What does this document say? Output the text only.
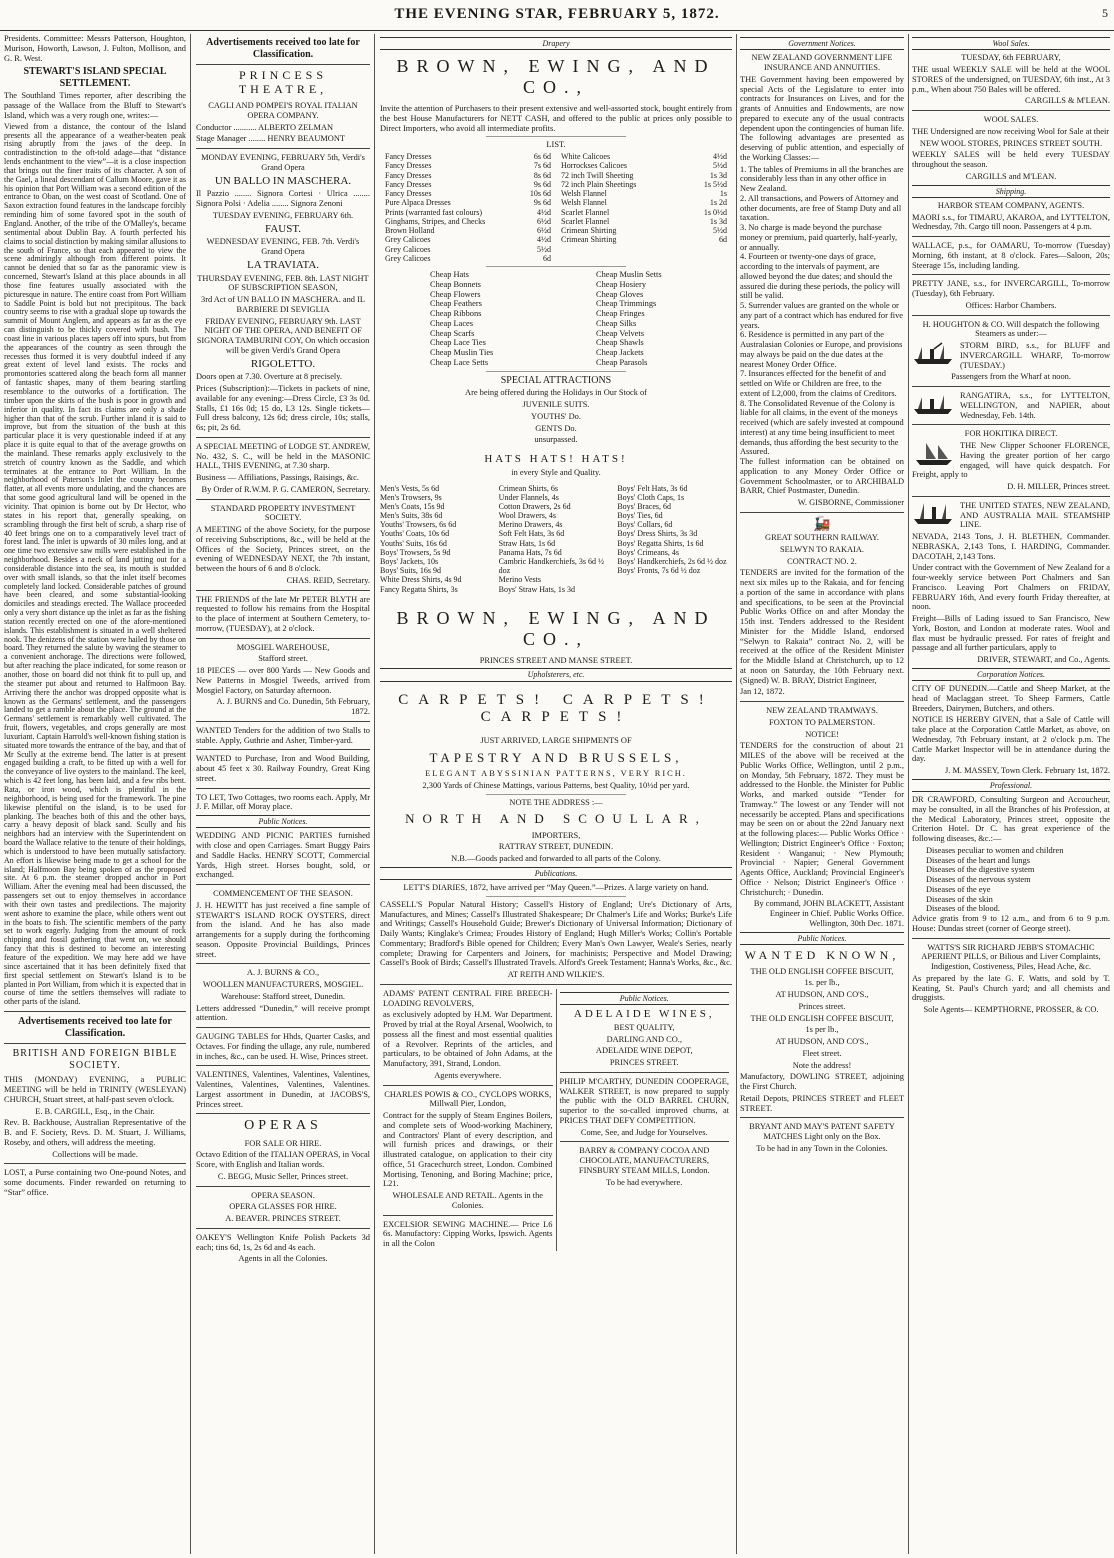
THE EVENING STAR, FEBRUARY 5, 1872.	5

Presidents. Committee: Messrs Patterson, Houghton, Murison, Howorth, Lawson, J. Fulton, Mollison, and G. R. West.

STEWART'S ISLAND SPECIAL SETTLEMENT.

The Southland Times reporter, after describing the passage of the Wallace from the Bluff to Stewart's Island, which was a very rough one, writes:—

Viewed from a distance, the contour of the Island presents all the appearance of a weather-beaten peak rising abruptly from the jaws of the deep. In contradistinction to the oft-told adage—that “distance lends enchantment to the view”—it is a close inspection that brings out the finer traits of its character. A son of the Gael, a lineal descendant of Callum Moore, gave it as his opinion that Port William was a second edition of the entrance to Oban, on the west coast of Scotland. One of Saxon extraction found features in the landscape forcibly reminding him of some favored spot in the south of England. Another, of the tribe of the O'Malley's, became sentimental about Dublin Bay. A fourth perfected his claims to social distinction by making similar allusions to the south of France, so that each appeared to view the scene admiringly although from different points. It cannot be denied that so far as the panoramic view is concerned, Stewart's Island at this place abounds in all those fine features usually associated with the picturesque in nature. The entire coast from Port William to Saddle Point is bold but not precipitous. The back country seems to rise with a gradual slope up towards the summit of Mount Anglem, and appears as far as the eye can distinguish to be thickly covered with bush. The coast line in various places tapers off into spurs, but from the appearances of the country as seen through the recesses thus formed it is very doubtful indeed if any great extent of level land exists. The rocks and promontories scattered along the beach form all manner of fantastic shapes, many of them bearing startling resemblance to the outworks of a fortification. The timber upon the skirts of the bush is poor in growth and inferior in quality. In fact its claims are only a shade higher than that of the scrub. Further inland it is said to improve, but from the situation of the bush at this particular place it is very questionable indeed if at any place it is quite equal to that of the average growths on the mainland. These remarks apply exclusively to the stretch of country known as the Saddle, and which terminates at the entrance to Port William. In the neighborhood of Paterson's Inlet the country becomes flatter, at all events more undulating, and the chances are that some good agricultural land will be opened in the vicinity. That opinion is borne out by Dr Hector, who states in his report that, generally speaking, on scrambling through the first belt of scrub, a sharp rise of 40 feet brings one on to a comparatively level tract of forest land. The inlet is upwards of 30 miles long, and at one time two extensive saw mills were established in the neighborhood. Besides a neck of land jutting out for a considerable distance into the sea, its mouth is studded over with small islands, so that the inlet itself becomes completely land locked. Considerable patches of ground have been cleared, and some substantial-looking domiciles and steadings erected. The Wallace proceeded only a very short distance up the inlet as far as the fishing station recently erected on one of the afore-mentioned islands. This establishment is situated in a well sheltered nook. The denizens of the station were hailed by those on board. They returned the salute by waving the steamer to a convenient anchorage. The directions were followed, but after reaching the place indicated, for some reason or another, those on board did not think fit to pull up, and the steamer put about and returned to Halfmoon Bay. Arriving there the anchor was dropped opposite what is known as the Germans' settlement, and the passengers landed to get a ramble about the place. The ground at the Germans' settlement is remarkably well cultivated. The fruit, flowers, vegetables, and crops generally are most luxuriant. Captain Harrold's well-known fishing station is situated more towards the entrance of the bay, and that of Mr Scully at the extreme bend. The latter is at present engaged building a craft, to be fitted up with a well for the conveyance of live oysters to the mainland. The keel, which is 42 feet long, has been laid, and a few ribs bent. Rata, or iron wood, which is plentiful in the neighborhood, is being used for the framework. The pine likewise plentiful on the island, is to be used for planking. The beaches both of this and the other bays, carry a heavy deposit of black sand. Scully and his neighbors had an interview with the Superintendent on board the Wallace relative to the tenure of their holdings, which is understood to have been mutually satisfactory. An effort is likewise being made to get a school for the island; Halfmoon Bay being spoken of as the proposed site. At 6 p.m. the steamer dropped anchor in Port William. After the evening meal had been discussed, the passengers set out to enjoy themselves in accordance with their own tastes and predilections. The majority went ashore to examine the place, while others went out in the boats to fish. The scientific members of the party set to work eagerly. Judging from the amount of rock chipping and fossil gathering that went on, we should fancy that this is destined to become an interesting feature of the expedition. We may here add we have since ascertained that it has been definitely fixed that first special settlement on Stewart's Island is to be planted in Port William, from which it is expected that in course of time the settlers themselves will radiate to other parts of the island.

Advertisements received too late for Classification.
BRITISH AND FOREIGN BIBLE SOCIETY.

THIS (MONDAY) EVENING, a PUBLIC MEETING will be held in TRINITY (WESLEYAN) CHURCH, Stuart street, at half-past seven o'clock.

E. B. CARGILL, Esq., in the Chair.

Rev. B. Backhouse, Australian Representative of the B. and F. Society, Revs. D. M. Stuart, J. Williams, Roseby, and others, will address the meeting.

Collections will be made.

LOST, a Purse containing two One-pound Notes, and some documents. Finder rewarded on returning to “Star” office.

Advertisements received too late for Classification.
PRINCESS THEATRE,

CAGLI AND POMPEI'S ROYAL ITALIAN OPERA COMPANY.

Conductor ........... ALBERTO ZELMAN

Stage Manager ........ HENRY BEAUMONT

MONDAY EVENING, FEBRUARY 5th, Verdi's Grand Opera

UN BALLO IN MASCHERA.

Il Pazzio ........ Signora Cortesi · Ulrica ........ Signora Polsi · Adelia ........ Signora Zenoni

TUESDAY EVENING, FEBRUARY 6th.

FAUST.

WEDNESDAY EVENING, FEB. 7th. Verdi's Grand Opera

LA TRAVIATA.

THURSDAY EVENING, FEB. 8th. LAST NIGHT OF SUBSCRIPTION SEASON,

3rd Act of UN BALLO IN MASCHERA. and IL BARBIERE DI SEVIGLIA

FRIDAY EVENING, FEBRUARY 9th. LAST NIGHT OF THE OPERA, AND BENEFIT OF SIGNORA TAMBURINI COY, On which occasion will be given Verdi's Grand Opera

RIGOLETTO.

Doors open at 7.30. Overture at 8 precisely.

Prices (Subscription):—Tickets in packets of nine, available for any evening:—Dress Circle, £3 3s 0d. Stalls, £1 16s 0d; 15 do, L3 12s. Single tickets—Full dress balcony, 12s 6d; dress circle, 10s; stalls, 6s; pit, 2s 6d.

A SPECIAL MEETING of LODGE ST. ANDREW, No. 432, S. C., will be held in the MASONIC HALL, THIS EVENING, at 7.30 sharp.

Business — Affiliations, Passings, Raisings, &c.

By Order of R.W.M. P. G. CAMERON, Secretary.

STANDARD PROPERTY INVESTMENT SOCIETY.

A MEETING of the above Society, for the purpose of receiving Subscriptions, &c., will be held at the Offices of the Society, Princes street, on the evening of WEDNESDAY NEXT, the 7th instant, between the hours of 6 and 8 o'clock.

CHAS. REID, Secretary.

THE FRIENDS of the late Mr PETER BLYTH are requested to follow his remains from the Hospital to the place of interment at Southern Cemetery, to-morrow, (TUESDAY), at 2 o'clock.

MOSGIEL WAREHOUSE,

Stafford street.

18 PIECES — over 800 Yards — New Goods and New Patterns in Mosgiel Tweeds, arrived from Mosgiel Factory, on Saturday afternoon.

A. J. BURNS and Co. Dunedin, 5th February, 1872.

WANTED Tenders for the addition of two Stalls to stable. Apply, Guthrie and Asher, Timber-yard.

WANTED to Purchase, Iron and Wood Building, about 45 feet x 30. Railway Foundry, Great King street.

TO LET, Two Cottages, two rooms each. Apply, Mr J. F. Millar, off Moray place.

Public Notices.

WEDDING AND PICNIC PARTIES furnished with close and open Carriages. Smart Buggy Pairs and Saddle Hacks. HENRY SCOTT, Commercial Yards, High street. Horses bought, sold, or exchanged.

COMMENCEMENT OF THE SEASON.

J. H. HEWITT has just received a fine sample of STEWART'S ISLAND ROCK OYSTERS, direct from the island. And he has also made arrangements for a supply during the forthcoming season. Opposite Provincial Buildings, Princes street.

A. J. BURNS & CO.,

WOOLLEN MANUFACTURERS, MOSGIEL.

Warehouse: Stafford street, Dunedin.

Letters addressed “Dunedin,” will receive prompt attention.

GAUGING TABLES for Hhds, Quarter Casks, and Octaves. For finding the ullage, any rule, numbered in inches, &c., can be used. H. Wise, Princes street.

VALENTINES, Valentines, Valentines, Valentines, Valentines, Valentines, Valentines, Valentines. Largest assortment in Dunedin, at JACOBS'S, Princes street.

OPERAS

FOR SALE OR HIRE.

Octavo Edition of the ITALIAN OPERAS, in Vocal Score, with English and Italian words.

C. BEGG, Music Seller, Princes street.

OPERA SEASON.

OPERA GLASSES FOR HIRE.

A. BEAVER. PRINCES STREET.

OAKEY'S Wellington Knife Polish Packets 3d each; tins 6d, 1s, 2s 6d and 4s each.

Agents in all the Colonies.

Drapery
BROWN, EWING, AND CO.,

Invite the attention of Purchasers to their present extensive and well-assorted stock, bought entirely from the best House Manufacturers for NETT CASH, and offered to the public at prices only possible to Direct Importers, who avoid all intermediate profits.

LIST.

Fancy Dresses	6s 6d
Fancy Dresses	7s 6d
Fancy Dresses	8s 6d
Fancy Dresses	9s 6d
Fancy Dresses	10s 6d
Pure Alpaca Dresses	9s 6d
Prints (warranted fast colours)	4½d
Ginghams, Stripes, and Checks	6½d
Brown Holland	6½d
Grey Calicoes	4½d
Grey Calicoes	5½d
Grey Calicoes	6d
White Calicoes	4½d
Horrockses Calicoes	5½d
72 inch Twill Sheeting	1s 3d
72 inch Plain Sheetings	1s 5½d
Welsh Flannel	1s
Welsh Flannel	1s 2d
Scarlet Flannel	1s 0½d
Scarlet Flannel	1s 3d

Crimean Shirting	5½d
Crimean Shirting	6d

Cheap Hats
Cheap Bonnets
Cheap Flowers
Cheap Feathers
Cheap Ribbons
Cheap Laces
Cheap Scarfs
Cheap Lace Ties
Cheap Muslin Ties
Cheap Lace Setts
Cheap Muslin Setts
Cheap Hosiery
Cheap Gloves
Cheap Trimmings
Cheap Fringes
Cheap Silks
Cheap Velvets
Cheap Shawls
Cheap Jackets
Cheap Parasols

SPECIAL ATTRACTIONS

Are being offered during the Holidays in Our Stock of

JUVENILE SUITS.

YOUTHS' Do.

GENTS Do.

unsurpassed.

HATS HATS! HATS!

in every Style and Quality.

Men's Vests, 5s 6d
Men's Trowsers, 9s
Men's Coats, 15s 9d
Men's Suits, 38s 6d
Youths' Trowsers, 6s 6d
Youths' Coats, 10s 6d
Youths' Suits, 16s 6d
Boys' Trowsers, 5s 9d
Boys' Jackets, 10s
Boys' Suits, 16s 9d
White Dress Shirts, 4s 9d
Fancy Regatta Shirts, 3s
Crimean Shirts, 6s
Under Flannels, 4s
Cotton Drawers, 2s 6d
Wool Drawers, 4s
Merino Drawers, 4s
Soft Felt Hats, 3s 6d
Straw Hats, 1s 6d
Panama Hats, 7s 6d
Cambric Handkerchiefs, 3s 6d ½ doz
Merino Vests
Boys' Straw Hats, 1s 3d
Boys' Felt Hats, 3s 6d
Boys' Cloth Caps, 1s
Boys' Braces, 6d
Boys' Ties, 6d
Boys' Collars, 6d
Boys' Dress Shirts, 3s 3d
Boys' Regatta Shirts, 1s 6d
Boys' Crimeans, 4s
Boys' Handkerchiefs, 2s 6d ½ doz
Boys' Fronts, 7s 6d ½ doz
BROWN, EWING, AND CO.,

PRINCES STREET AND MANSE STREET.

Upholsterers, etc.
CARPETS! CARPETS! CARPETS!

JUST ARRIVED, LARGE SHIPMENTS OF

TAPESTRY AND BRUSSELS,

ELEGANT ABYSSINIAN PATTERNS, VERY RICH.

2,300 Yards of Chinese Mattings, various Patterns, best Quality, 10½d per yard.

NOTE THE ADDRESS :—

NORTH AND SCOULLAR,

IMPORTERS,

RATTRAY STREET, DUNEDIN.

N.B.—Goods packed and forwarded to all parts of the Colony.

Publications.

LETT'S DIARIES, 1872, have arrived per “May Queen.”—Prizes. A large variety on hand.

CASSELL'S Popular Natural History; Cassell's History of England; Ure's Dictionary of Arts, Manufactures, and Mines; Cassell's Illustrated Shakespeare; Dr Chalmer's Life and Works; Burke's Life and Writings; Cassell's Household Guide; Brewer's Dictionary of Universal Information; Dictionary of Daily Wants; Kinglake's Crimea; Froudes History of England; Hugh Miller's Works; Collin's Portable Commentary; Bradford's Bible opened for Children; Every Man's Own Lawyer, Weale's Series, nearly complete; Drawing for Carpenters and Joiners, for machinists; Perspective and Model Drawing; Cassell's Book of Birds; Cassell's Illustrated Travels. Alford's Greek Testament; Hanna's Works, &c., &c.

AT REITH AND WILKIE'S.

ADAMS' PATENT CENTRAL FIRE BREECH-LOADING REVOLVERS,

as exclusively adopted by H.M. War Department. Proved by trial at the Royal Arsenal, Woolwich, to possess all the finest and most essential qualities of a Revolver. Reprints of the articles, and particulars, to be obtained of John Adams, at the Manufactory, 391, Strand, London.

Agents everywhere.

CHARLES POWIS & CO., CYCLOPS WORKS, Millwall Pier, London,

Contract for the supply of Steam Engines Boilers, and complete sets of Wood-working Machinery, and Contractors' Plant of every description, and will furnish prices and drawings, or their illustrated catalogue, on application to their city office, 51 Gracechurch street, London. Combined Mortising, Tenoning, and Boring Machine; price, L21.

WHOLESALE AND RETAIL. Agents in the Colonies.

EXCELSIOR SEWING MACHINE.— Price L6 6s. Manufactory: Cipping Works, Ipswich. Agents in all the Colon

Public Notices.

ADELAIDE WINES,

BEST QUALITY,

DARLING AND CO.,

ADELAIDE WINE DEPOT,

PRINCES STREET.

PHILIP M'CARTHY, DUNEDIN COOPERAGE, WALKER STREET, is now prepared to supply the public with the OLD BARREL CHURN, superior to the so-called improved churns, at PRICES THAT DEFY COMPETITION.

Come, See, and Judge for Yourselves.

BARRY & COMPANY COCOA AND CHOCOLATE, MANUFACTURERS, FINSBURY STEAM MILLS, London.

To be had everywhere.

Government Notices.

NEW ZEALAND GOVERNMENT LIFE INSURANCE AND ANNUITIES.

THE Government having been empowered by special Acts of the Legislature to enter into contracts for Insurances on Lives, and for the grants of Annuities and Endowments, are now prepared to execute any of the usual contracts dependent upon the contingencies of human life. The following advantages are presented as deserving of public attention, and especially of the Working Classes:—

1. The tables of Premiums in all the branches are considerably less than in any other office in New Zealand.
2. All transactions, and Powers of Attorney and other documents, are free of Stamp Duty and all taxation.
3. No charge is made beyond the purchase money or premium, paid quarterly, half-yearly, or annually.
4. Fourteen or twenty-one days of grace, according to the intervals of payment, are allowed beyond the due dates; and should the assured die during these periods, the policy will still be valid.
5. Surrender values are granted on the whole or any part of a contract which has endured for five years.
6. Residence is permitted in any part of the Australasian Colonies or Europe, and provisions may always be paid on the due dates at the nearest Money Order Office.
7. Insurances effected for the benefit of and settled on Wife or Children are free, to the extent of L2,000, from the claims of Creditors.
8. The Consolidated Revenue of the Colony is liable for all claims, in the event of the moneys received (which are safely invested at compound interest) at any time being insufficient to meet demands, thus affording the best security to the Assured.

The fullest information can be obtained on application to any Money Order Office or Government Schoolmaster, or to ARCHIBALD BARR, Chief Postmaster, Dunedin.

W. GISBORNE, Commissioner

🚂

GREAT SOUTHERN RAILWAY.

SELWYN TO RAKAIA.

CONTRACT NO. 2.

TENDERS are invited for the formation of the next six miles up to the Rakaia, and for fencing a portion of the same in accordance with plans and specifications, to be seen at the Provincial Public Works Office on and after Monday the 15th inst. Tenders addressed to the Resident Minister for the Middle Island, endorsed “Selwyn to Rakaia” contract No. 2, will be received at the office of the Resident Minister for the Middle Island at Christchurch, up to 12 at noon on Saturday, the 10th February next. (Signed) W. B. BRAY, District Engineer,

Jan 12, 1872.

NEW ZEALAND TRAMWAYS.

FOXTON TO PALMERSTON.

NOTICE!

TENDERS for the construction of about 21 MILES of the above will be received at the Public Works Office, Wellington, until 2 p.m., on Monday, 5th February, 1872. They must be addressed to the Honble. the Minister for Public Works, and marked outside “Tender for Tramway.” The lowest or any Tender will not necessarily be accepted. Plans and specifications may be seen on or about the 22nd January next at the following places:— Public Works Office · Wellington; District Engineer's Office · Foxton; Resident · Wanganui; · New Plymouth; Provincial · Napier; General Government Agents Office, Auckland; Provincial Engineer's Office · Nelson; District Engineer's Office · Christchurch; · Dunedin.

By command, JOHN BLACKETT, Assistant Engineer in Chief. Public Works Office. Wellington, 30th Dec. 1871.

Public Notices.
WANTED KNOWN,

THE OLD ENGLISH COFFEE BISCUIT,

1s. per lb.,

AT HUDSON, AND CO'S.,

Princes street.

THE OLD ENGLISH COFFEE BISCUIT,

1s per lb.,

AT HUDSON, AND CO'S.,

Fleet street.

Note the address!

Manufactory, DOWLING STREET, adjoining the First Church.

Retail Depots, PRINCES STREET and FLEET STREET.

BRYANT AND MAY'S PATENT SAFETY MATCHES Light only on the Box.

To be had in any Town in the Colonies.

Wool Sales.

TUESDAY, 6th FEBRUARY,

THE usual WEEKLY SALE will be held at the WOOL STORES of the undersigned, on TUESDAY, 6th inst., At 3 p.m., When about 750 Bales will be offered.

CARGILLS & M'LEAN.

WOOL SALES.

THE Undersigned are now receiving Wool for Sale at their

NEW WOOL STORES, PRINCES STREET SOUTH.

WEEKLY SALES will be held every TUESDAY throughout the season.

CARGILLS and M'LEAN.

Shipping.

HARBOR STEAM COMPANY, AGENTS.

MAORI s.s., for TIMARU, AKAROA, and LYTTELTON, Wednesday, 7th. Cargo till noon. Passengers at 4 p.m.

WALLACE, p.s., for OAMARU, To-morrow (Tuesday) Morning, 6th instant, at 8 o'clock. Fares—Saloon, 20s; Steerage 15s, including landing.

PRETTY JANE, s.s., for INVERCARGILL, To-morrow (Tuesday), 6th February.

Offices: Harbor Chambers.

H. HOUGHTON & CO. Will despatch the following Steamers as under:—

STORM BIRD, s.s., for BLUFF and INVERCARGILL WHARF, To-morrow (TUESDAY.)

Passengers from the Wharf at noon.

RANGATIRA, s.s., for LYTTELTON, WELLINGTON, and NAPIER, about Wednesday, Feb. 14th.

FOR HOKITIKA DIRECT.

THE New Clipper Schooner FLORENCE, Having the greater portion of her cargo engaged, will have quick despatch. For Freight, apply to

D. H. MILLER, Princes street.

THE UNITED STATES, NEW ZEALAND, AND AUSTRALIA MAIL STEAMSHIP LINE.

NEVADA, 2143 Tons, J. H. BLETHEN, Commander. NEBRASKA, 2,143 Tons, I. HARDING, Commander. DACOTAH, 2,143 Tons.

Under contract with the Government of New Zealand for a four-weekly service between Port Chalmers and San Francisco. Leaving Port Chalmers on FRIDAY, FEBRUARY 16th, And every fourth Friday thereafter, at noon.

Freight—Bills of Lading issued to San Francisco, New York, Boston, and London at moderate rates. Wool and flax must be hydraulic pressed. For rates of freight and passage and all further particulars, apply to

DRIVER, STEWART, and Co., Agents.

Corporation Notices.

CITY OF DUNEDIN.—Cattle and Sheep Market, at the head of Maclaggan street. To Sheep Farmers, Cattle Breeders, Dairymen, Butchers, and others.

NOTICE IS HEREBY GIVEN, that a Sale of Cattle will take place at the Corporation Cattle Market, as above, on Wednesday, 7th February instant, at 2 o'clock p.m. The Cattle Market Inspector will be in attendance during the day.

J. M. MASSEY, Town Clerk. February 1st, 1872.

Professional.

DR CRAWFORD, Consulting Surgeon and Accoucheur, may be consulted, in all the Branches of his Profession, at the Medical Laboratory, Princes street, opposite the Criterion Hotel. Dr C. has great experience of the following diseases, &c.:—

Diseases peculiar to women and children
Diseases of the heart and lungs
Diseases of the digestive system
Diseases of the nervous system
Diseases of the eye
Diseases of the skin
Diseases of the blood.

Advice gratis from 9 to 12 a.m., and from 6 to 9 p.m. House: Dundas street (corner of George street).

WATTS'S SIR RICHARD JEBB'S STOMACHIC APERIENT PILLS, or Bilious and Liver Complaints, Indigestion, Costiveness, Piles, Head Ache, &c.

As prepared by the late G. F. Watts, and sold by T. Keating, St. Paul's Church yard; and all chemists and druggists.

Sole Agents— KEMPTHORNE, PROSSER, & CO.
